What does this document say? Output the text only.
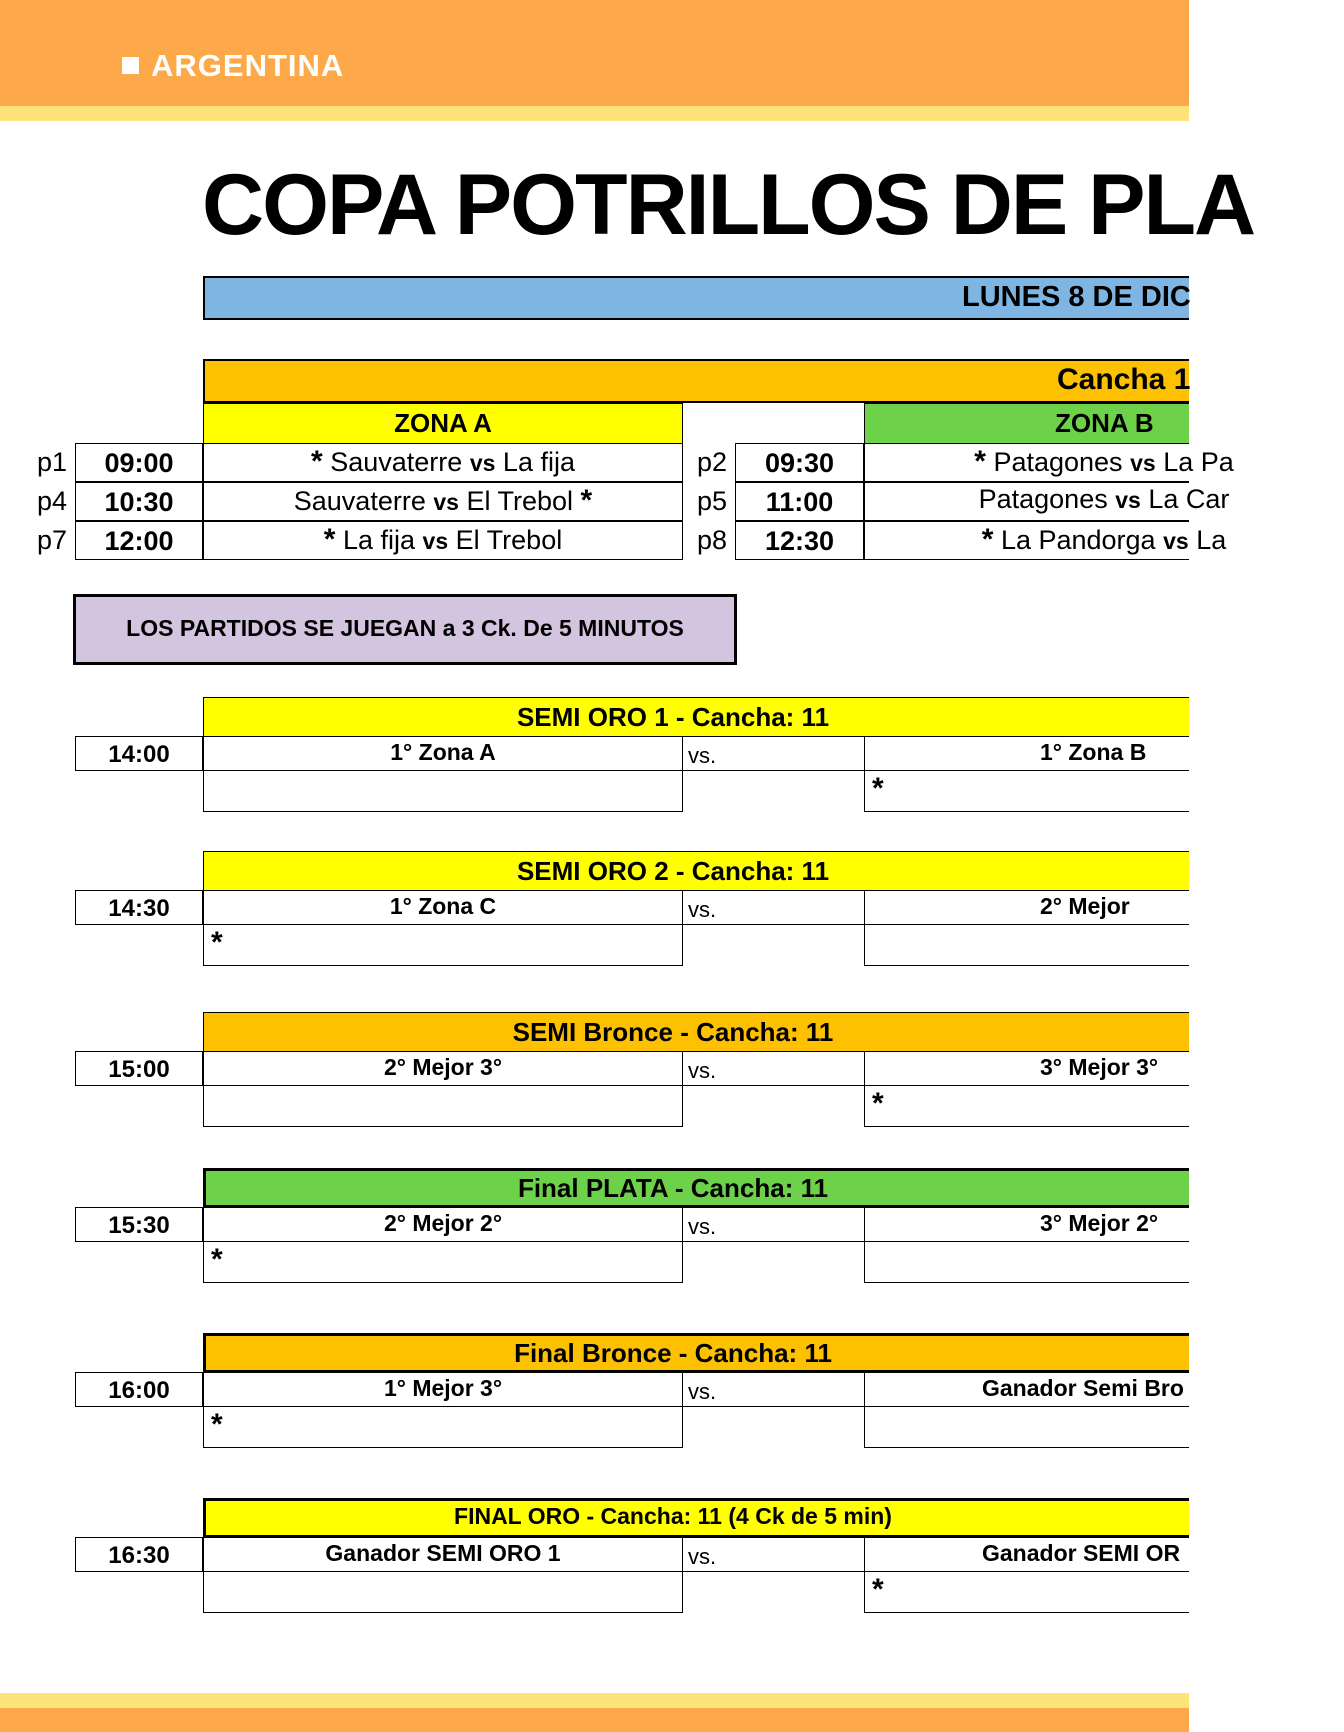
ARGENTINA
COPA POTRILLOS DE PLA
LUNES 8 DE DIC
Cancha 1
ZONA A	ZONA B
p1	09:00	* Sauvaterre vs La fija
p4	10:30	Sauvaterre vs El Trebol *
p7	12:00	* La fija vs El Trebol
p2	09:30	* Patagones vs La Pa
p5	11:00	Patagones vs La Car
p8	12:30	* La Pandorga vs La
LOS PARTIDOS SE JUEGAN a 3 Ck. De 5 MINUTOS
SEMI ORO 1 - Cancha: 11
14:00	1° Zona A	vs.	1° Zona B
*
SEMI ORO 2 - Cancha: 11
14:30	1° Zona C	vs.	2° Mejor
*
SEMI Bronce - Cancha: 11
15:00	2° Mejor 3°	vs.	3° Mejor 3°
*
Final PLATA - Cancha: 11
15:30	2° Mejor 2°	vs.	3° Mejor 2°
*
Final Bronce - Cancha: 11
16:00	1° Mejor 3°	vs.	Ganador Semi Bro
*
FINAL ORO - Cancha: 11 (4 Ck de 5 min)
16:30	Ganador SEMI ORO 1	vs.	Ganador SEMI OR
*
